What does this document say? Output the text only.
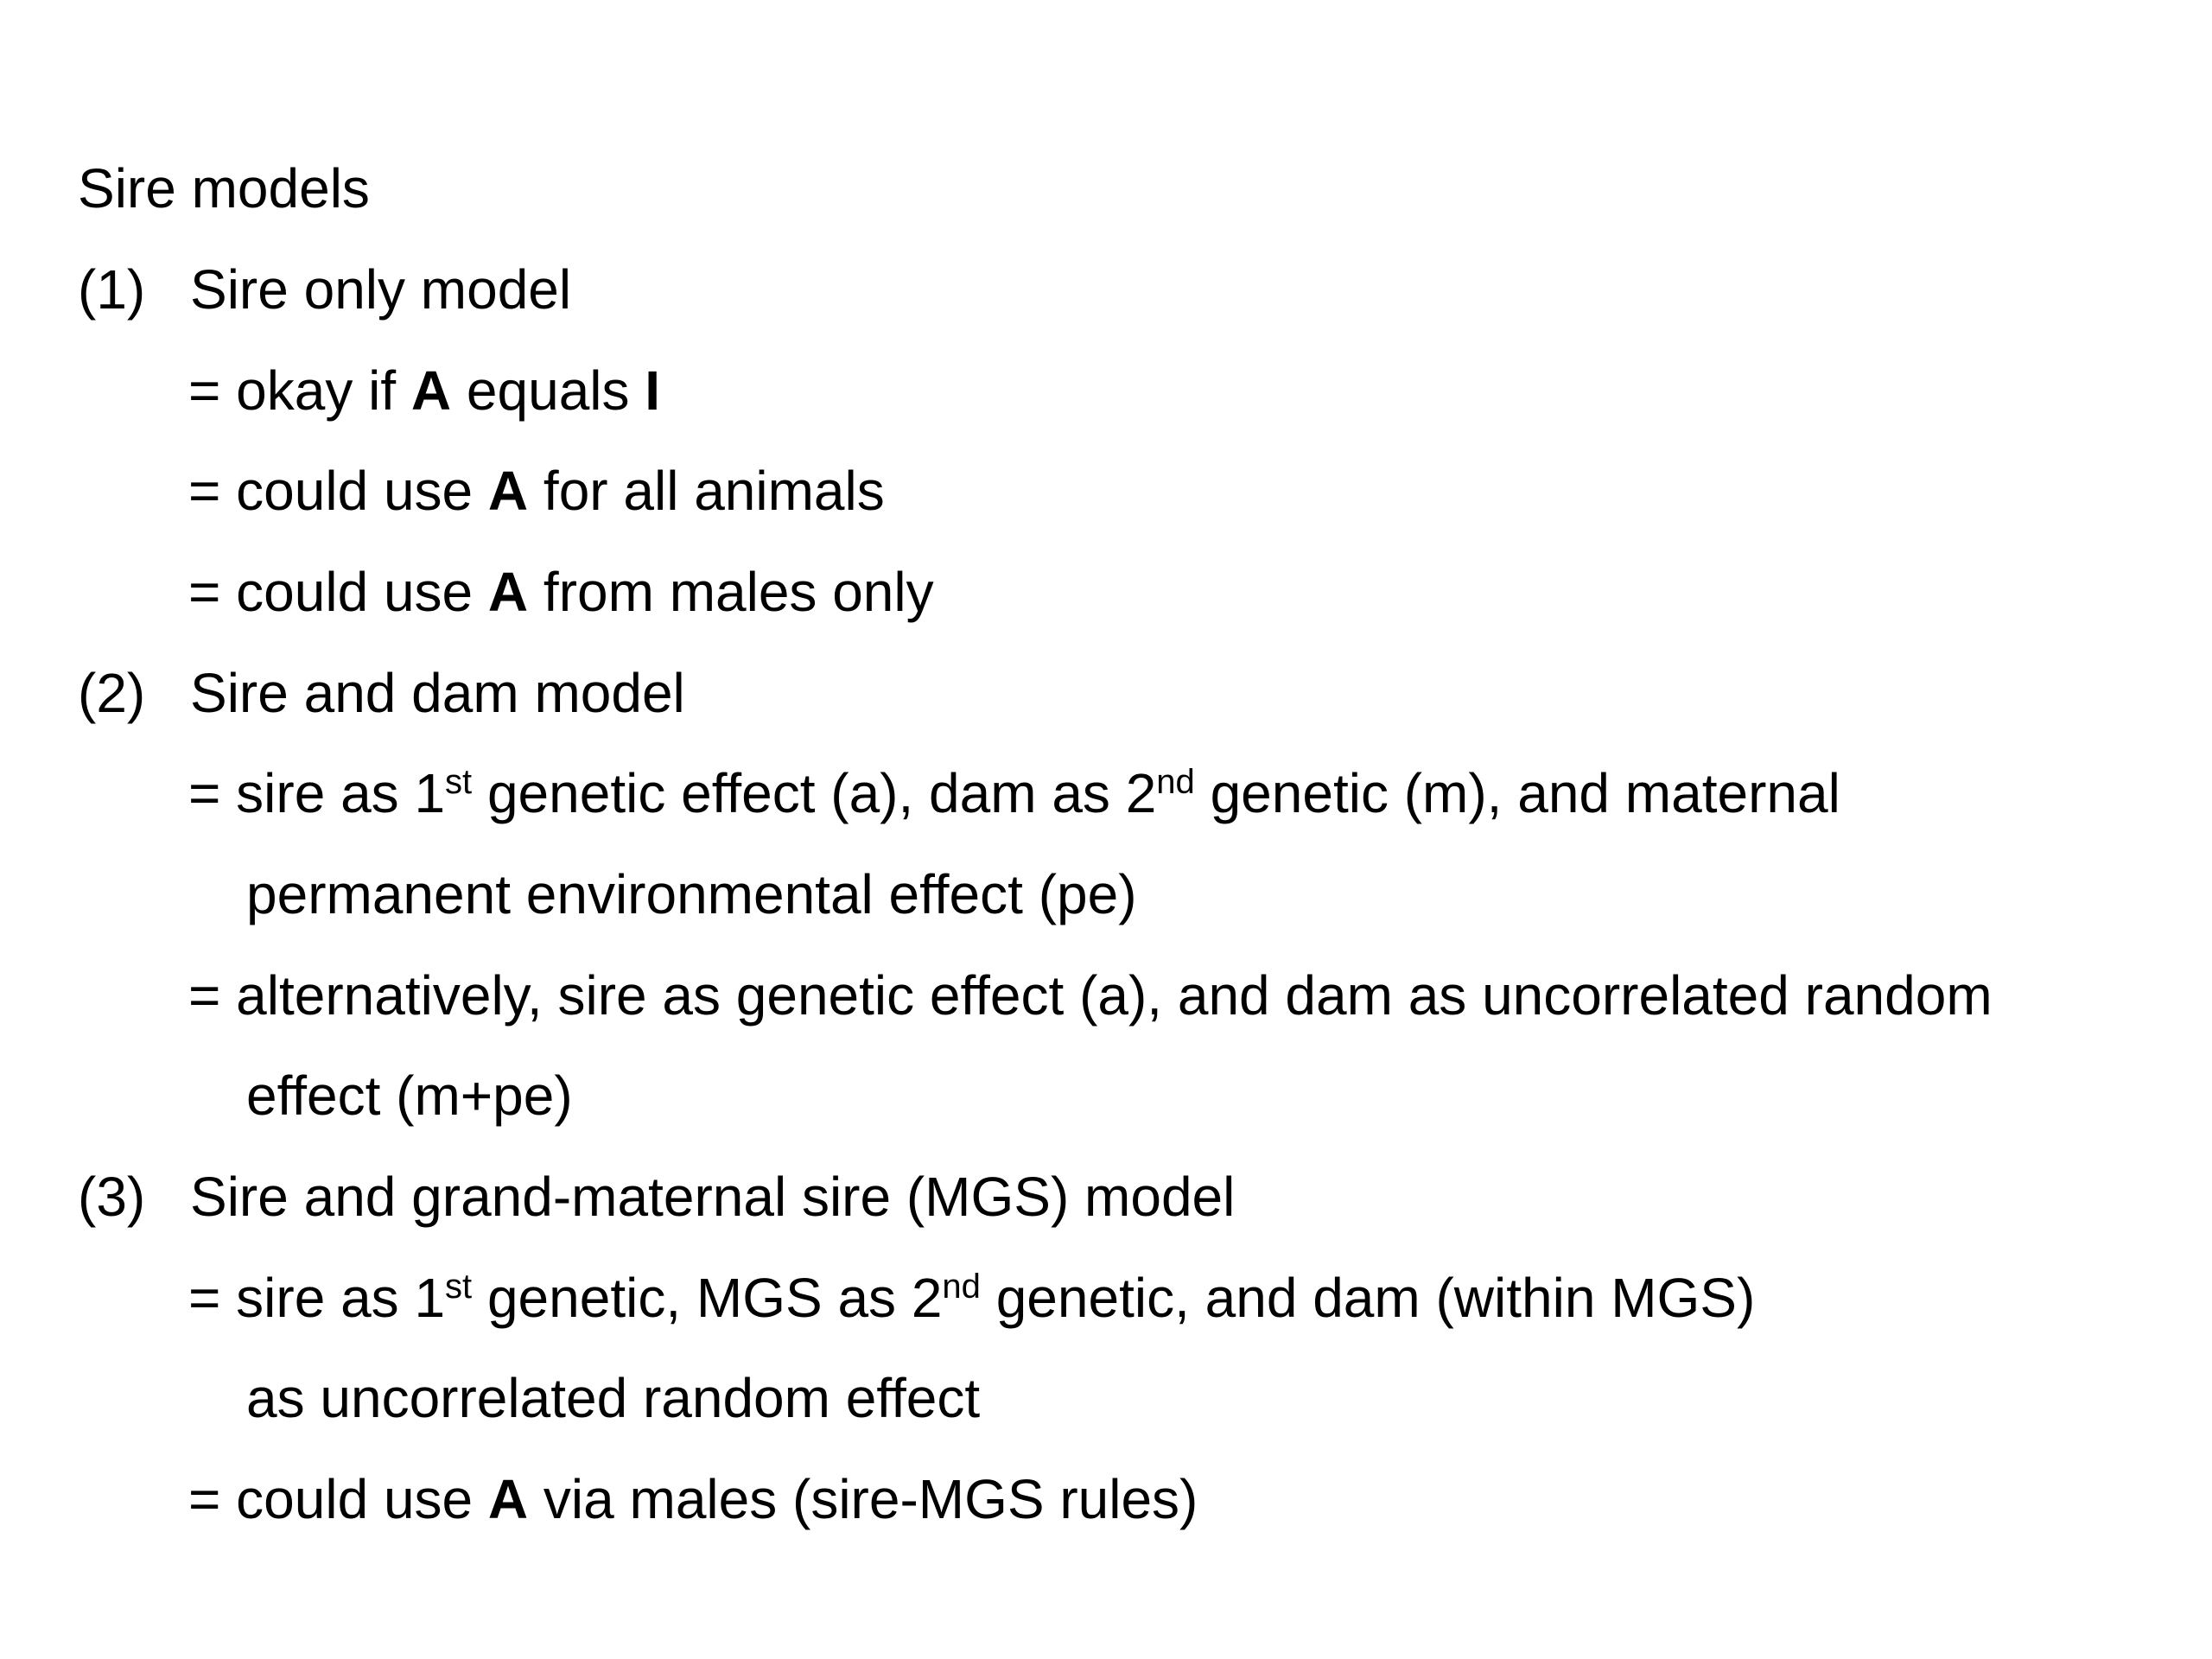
Sire models
(1) Sire only model
= okay if A equals I
= could use A for all animals
= could use A from males only
(2) Sire and dam model
= sire as 1st genetic effect (a), dam as 2nd genetic (m), and maternal
permanent environmental effect (pe)
= alternatively, sire as genetic effect (a), and dam as uncorrelated random
effect (m+pe)
(3) Sire and grand-maternal sire (MGS) model
= sire as 1st genetic, MGS as 2nd genetic, and dam (within MGS)
as uncorrelated random effect
= could use A via males (sire-MGS rules)
